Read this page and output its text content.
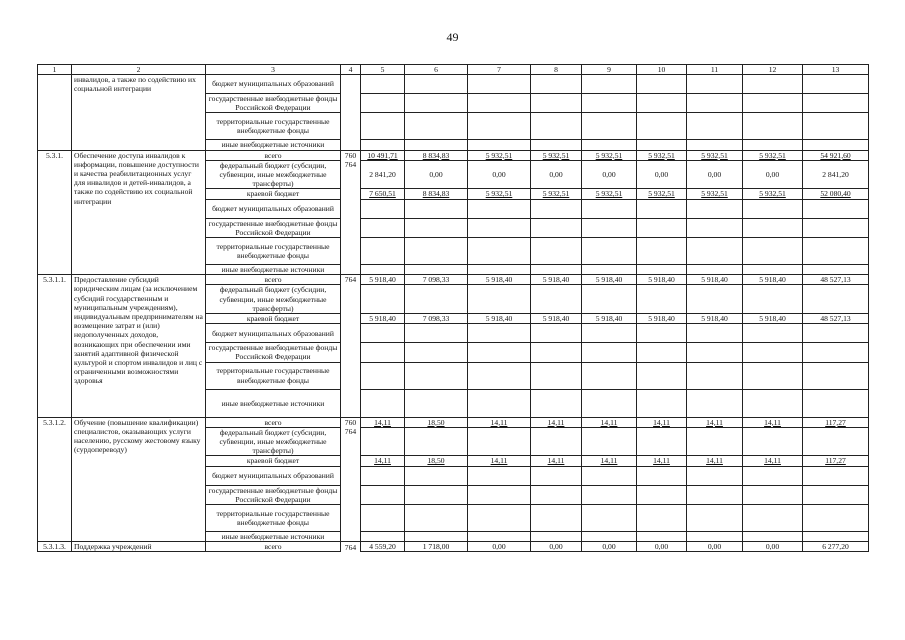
49
1	2	3	4	5	6	7	8	9	10	11	12	13
	инвалидов, а также по содействию их социальной интеграции	бюджет муниципальных образований										
		государственные внебюджетные фонды Российской Федерации										
		территориальные государственные внебюджетные фонды										
		иные внебюджетные источники										
5.3.1.	Обеспечение доступа инвалидов к информации, повышение доступности и качества реабилитационных услуг для инвалидов и детей-инвалидов, а также по содействию их социальной интеграции	всего	760	10 491,71	8 834,83	5 932,51	5 932,51	5 932,51	5 932,51	5 932,51	5 932,51	54 921,60
		федеральный бюджет (субсидии, субвенции, иные межбюджетные трансферты)	764	2 841,20	0,00	0,00	0,00	0,00	0,00	0,00	0,00	2 841,20
		краевой бюджет		7 650,51	8 834,83	5 932,51	5 932,51	5 932,51	5 932,51	5 932,51	5 932,51	52 080,40
		бюджет муниципальных образований										
		государственные внебюджетные фонды Российской Федерации										
		территориальные государственные внебюджетные фонды										
		иные внебюджетные источники										
5.3.1.1.	Предоставление субсидий юридическим лицам (за исключением субсидий государственным и муниципальным учреждениям), индивидуальным предпринимателям на возмещение затрат и (или) недополученных доходов, возникающих при обеспечении ими занятий адаптивной физической культурой и спортом инвалидов и лиц с ограниченными возможностями здоровья	всего	764	5 918,40	7 098,33	5 918,40	5 918,40	5 918,40	5 918,40	5 918,40	5 918,40	48 527,13
		федеральный бюджет (субсидии, субвенции, иные межбюджетные трансферты)										
		краевой бюджет		5 918,40	7 098,33	5 918,40	5 918,40	5 918,40	5 918,40	5 918,40	5 918,40	48 527,13
		бюджет муниципальных образований										
		государственные внебюджетные фонды Российской Федерации										
		территориальные государственные внебюджетные фонды										
		иные внебюджетные источники										
5.3.1.2.	Обучение (повышение квалификации) специалистов, оказывающих услуги населению, русскому жестовому языку (сурдопереводу)	всего	760	14,11	18,50	14,11	14,11	14,11	14,11	14,11	14,11	117,27
		федеральный бюджет (субсидии, субвенции, иные межбюджетные трансферты)	764									
		краевой бюджет		14,11	18,50	14,11	14,11	14,11	14,11	14,11	14,11	117,27
		бюджет муниципальных образований										
		государственные внебюджетные фонды Российской Федерации										
		территориальные государственные внебюджетные фонды										
		иные внебюджетные источники										
5.3.1.3.	Поддержка учреждений	всего	764	4 559,20	1 718,00	0,00	0,00	0,00	0,00	0,00	0,00	6 277,20
